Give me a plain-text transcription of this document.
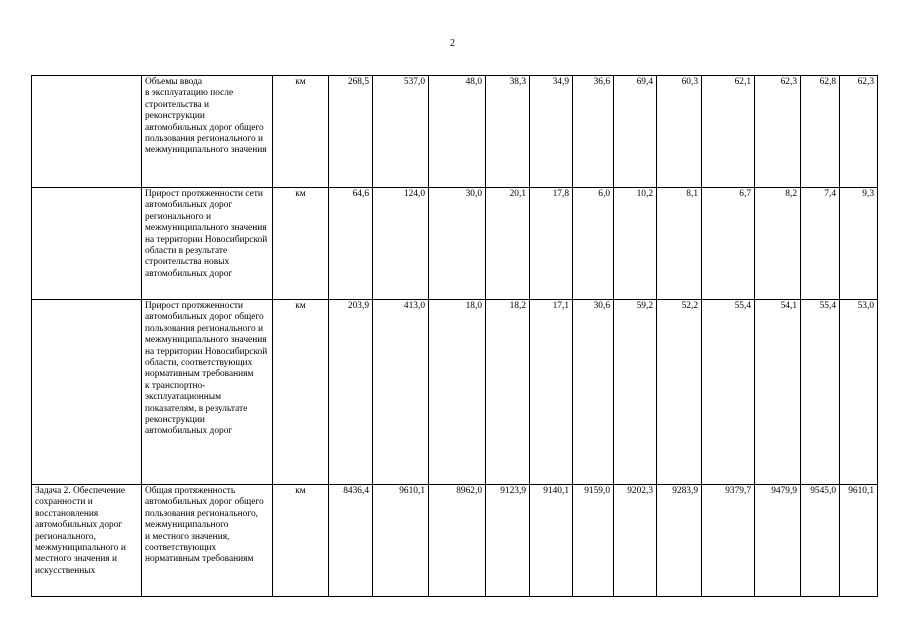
2
	Объемы ввода
в эксплуатацию после строительства и реконструкции автомобильных дорог общего пользования регионального и межмуниципального значения	км	268,5	537,0	48,0	38,3	34,9	36,6	69,4	60,3	62,1	62,3	62,8	62,3
	Прирост протяженности сети автомобильных дорог регионального и межмуниципального значения на территории Новосибирской области в результате строительства новых автомобильных дорог	км	64,6	124,0	30,0	20,1	17,8	6,0	10,2	8,1	6,7	8,2	7,4	9,3
	Прирост протяженности автомобильных дорог общего пользования регионального и межмуниципального значения на территории Новосибирской области, соответствующих нормативным требованиям
к транспортно-эксплуатационным показателям, в результате реконструкции автомобильных дорог	км	203,9	413,0	18,0	18,2	17,1	30,6	59,2	52,2	55,4	54,1	55,4	53,0
Задача 2. Обеспечение сохранности и восстановления автомобильных дорог регионального, межмуниципального и местного значения и искусственных	Общая протяженность автомобильных дорог общего пользования регионального, межмуниципального
и местного значения, соответствующих нормативным требованиям	км	8436,4	9610,1	8962,0	9123,9	9140,1	9159,0	9202,3	9283,9	9379,7	9479,9	9545,0	9610,1
